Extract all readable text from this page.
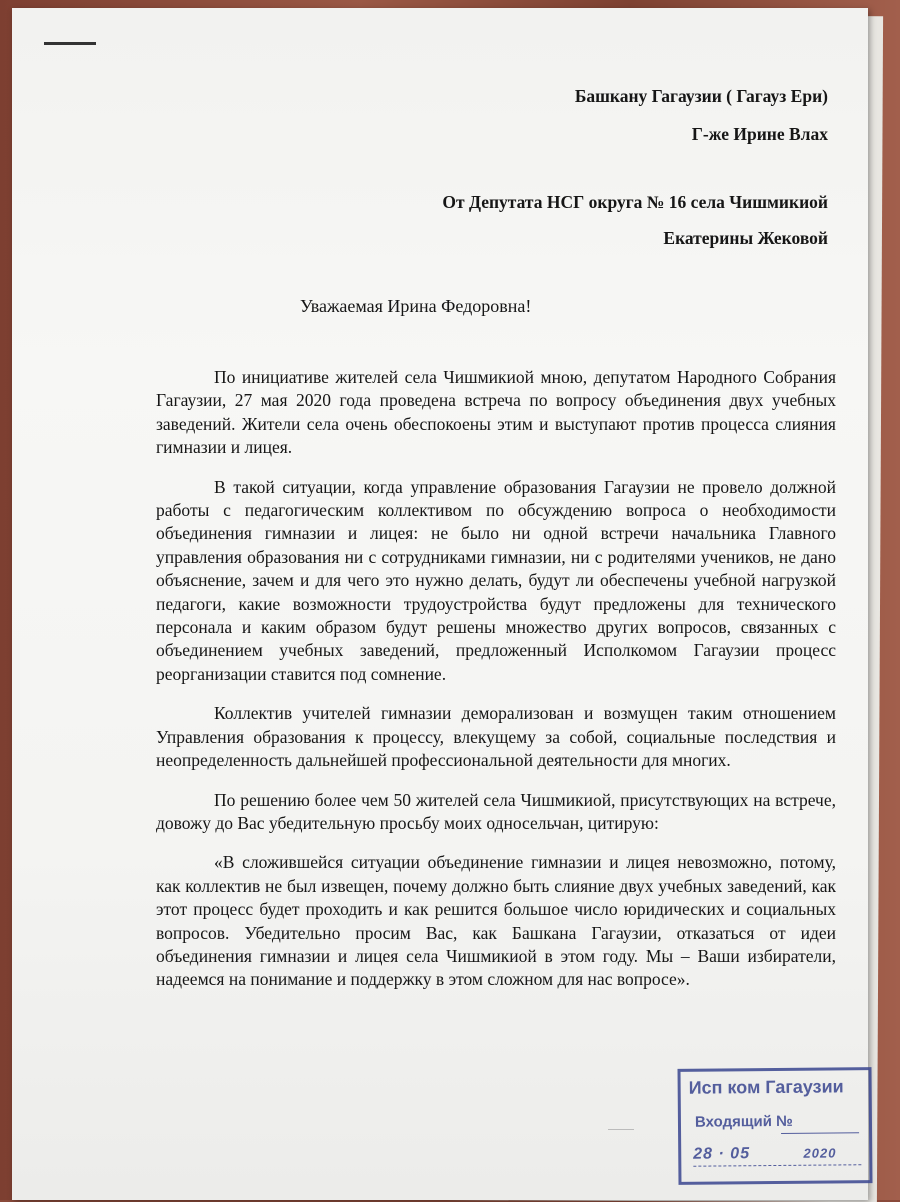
Башкану Гагаузии ( Гагауз Ери)
Г-же Ирине Влах
От Депутата НСГ округа № 16 села Чишмикиой
Екатерины Жековой
Уважаемая Ирина Федоровна!

По инициативе жителей села Чишмикиой мною, депутатом Народного Собрания Гагаузии, 27 мая 2020 года проведена встреча по вопросу объединения двух учебных заведений. Жители села очень обеспокоены этим и выступают против процесса слияния гимназии и лицея.

В такой ситуации, когда управление образования Гагаузии не провело должной работы с педагогическим коллективом по обсуждению вопроса о необходимости объединения гимназии и лицея: не было ни одной встречи начальника Главного управления образования ни с сотрудниками гимназии, ни с родителями учеников, не дано объяснение, зачем и для чего это нужно делать, будут ли обеспечены учебной нагрузкой педагоги, какие возможности трудоустройства будут предложены для технического персонала и каким образом будут решены множество других вопросов, связанных с объединением учебных заведений, предложенный Исполкомом Гагаузии процесс реорганизации ставится под сомнение.

Коллектив учителей гимназии деморализован и возмущен таким отношением Управления образования к процессу, влекущему за собой, социальные последствия и неопределенность дальнейшей профессиональной деятельности для многих.

По решению более чем 50 жителей села Чишмикиой, присутствующих на встрече, довожу до Вас убедительную просьбу моих односельчан, цитирую:

«В сложившейся ситуации объединение гимназии и лицея невозможно, потому, как коллектив не был извещен, почему должно быть слияние двух учебных заведений, как этот процесс будет проходить и как решится большое число юридических и социальных вопросов. Убедительно просим Вас, как Башкана Гагаузии, отказаться от идеи объединения гимназии и лицея села Чишмикиой в этом году. Мы – Ваши избиратели, надеемся на понимание и поддержку в этом сложном для нас вопросе».

Исп ком Гагаузии
Входящий №
28 · 05	2020
